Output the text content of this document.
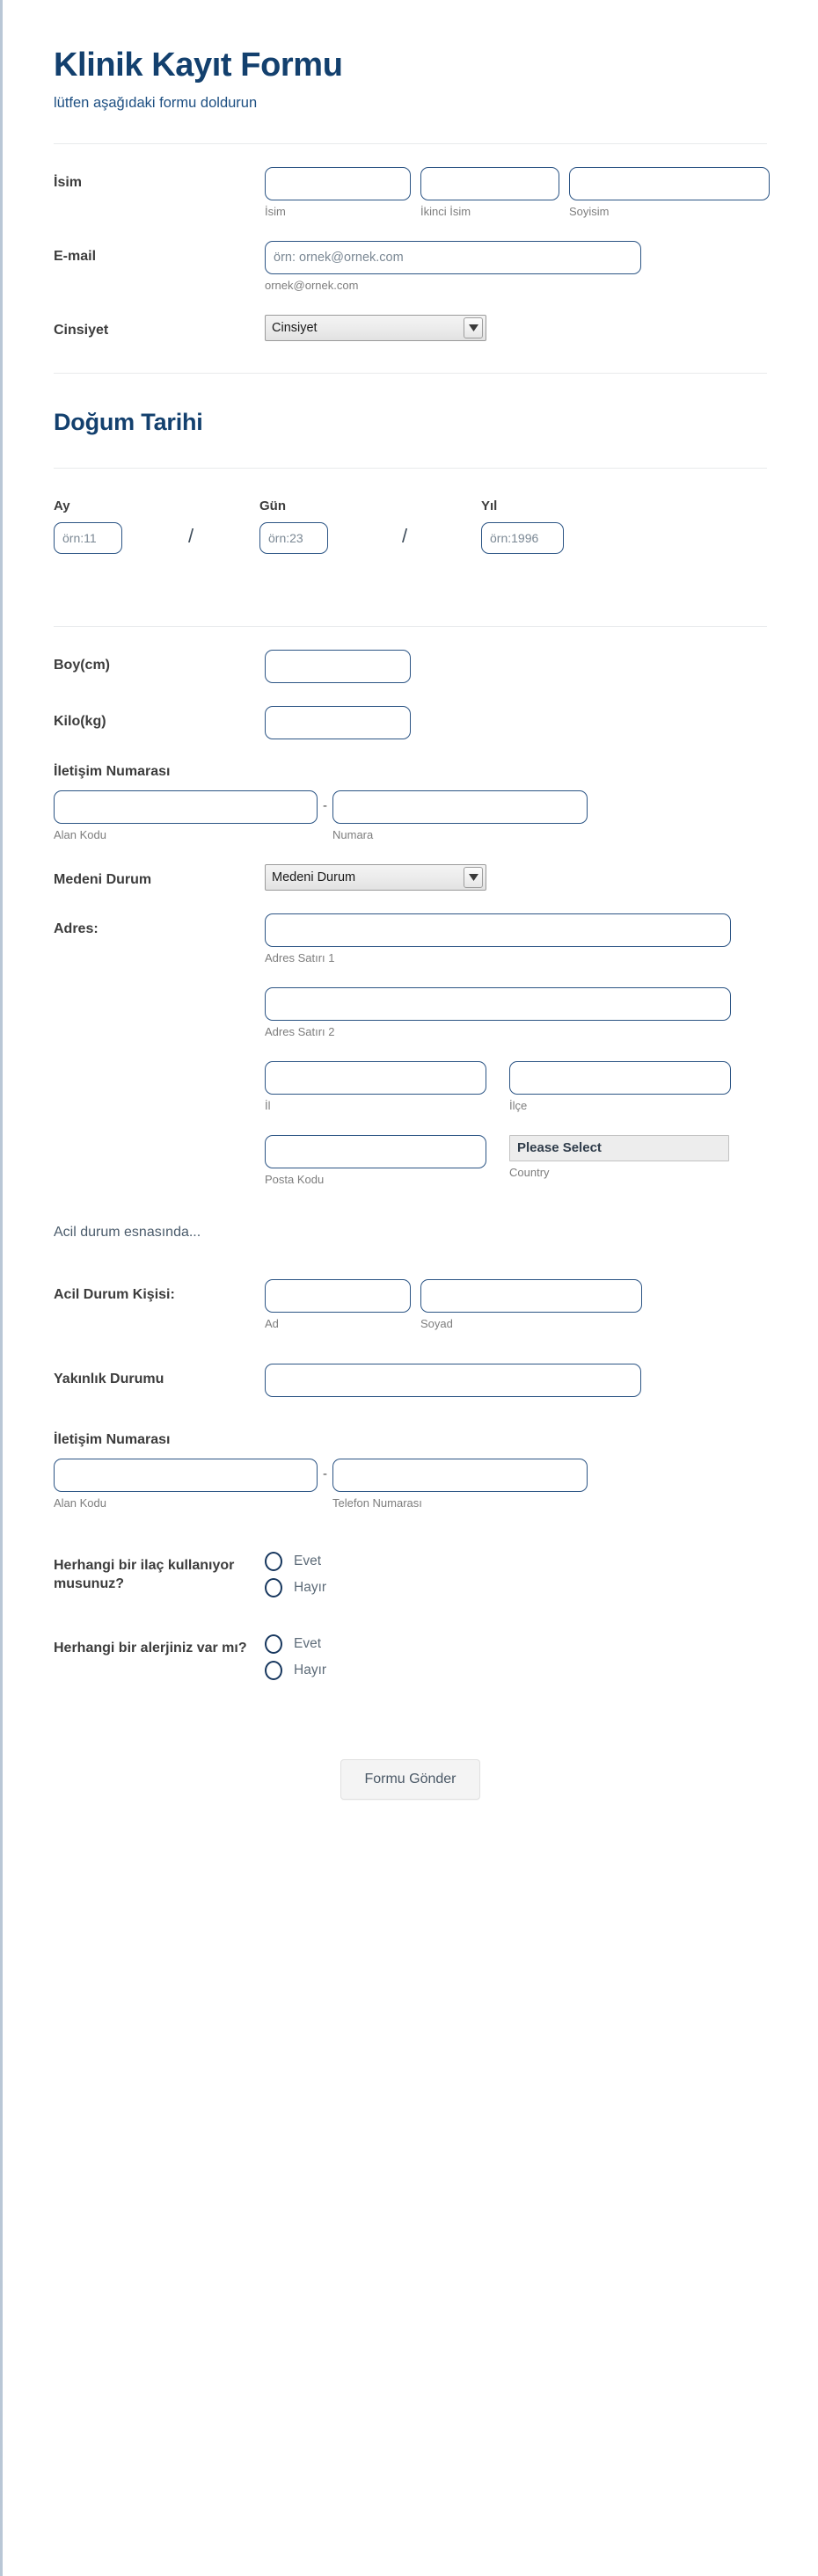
Klinik Kayıt Formu

lütfen aşağıdaki formu doldurun

İsim
İsim	İkinci İsim	Soyisim
E-mail
örn: ornek@ornek.com
ornek@ornek.com
Cinsiyet
Cinsiyet
Doğum Tarihi
Ay
örn:11
/
Gün
örn:23
/
Yıl
örn:1996
Boy(cm)
Kilo(kg)
İletişim Numarası
Alan Kodu
-
Numara
Medeni Durum
Medeni Durum
Adres:
Adres Satırı 1
Adres Satırı 2
İl	İlçe
Posta Kodu
Please Select
Country
Acil durum esnasında...
Acil Durum Kişisi:
Ad	Soyad
Yakınlık Durumu
İletişim Numarası
Alan Kodu
-
Telefon Numarası
Herhangi bir ilaç kullanıyor musunuz?
Evet
Hayır
Herhangi bir alerjiniz var mı?	Evet
Hayır
Formu Gönder
